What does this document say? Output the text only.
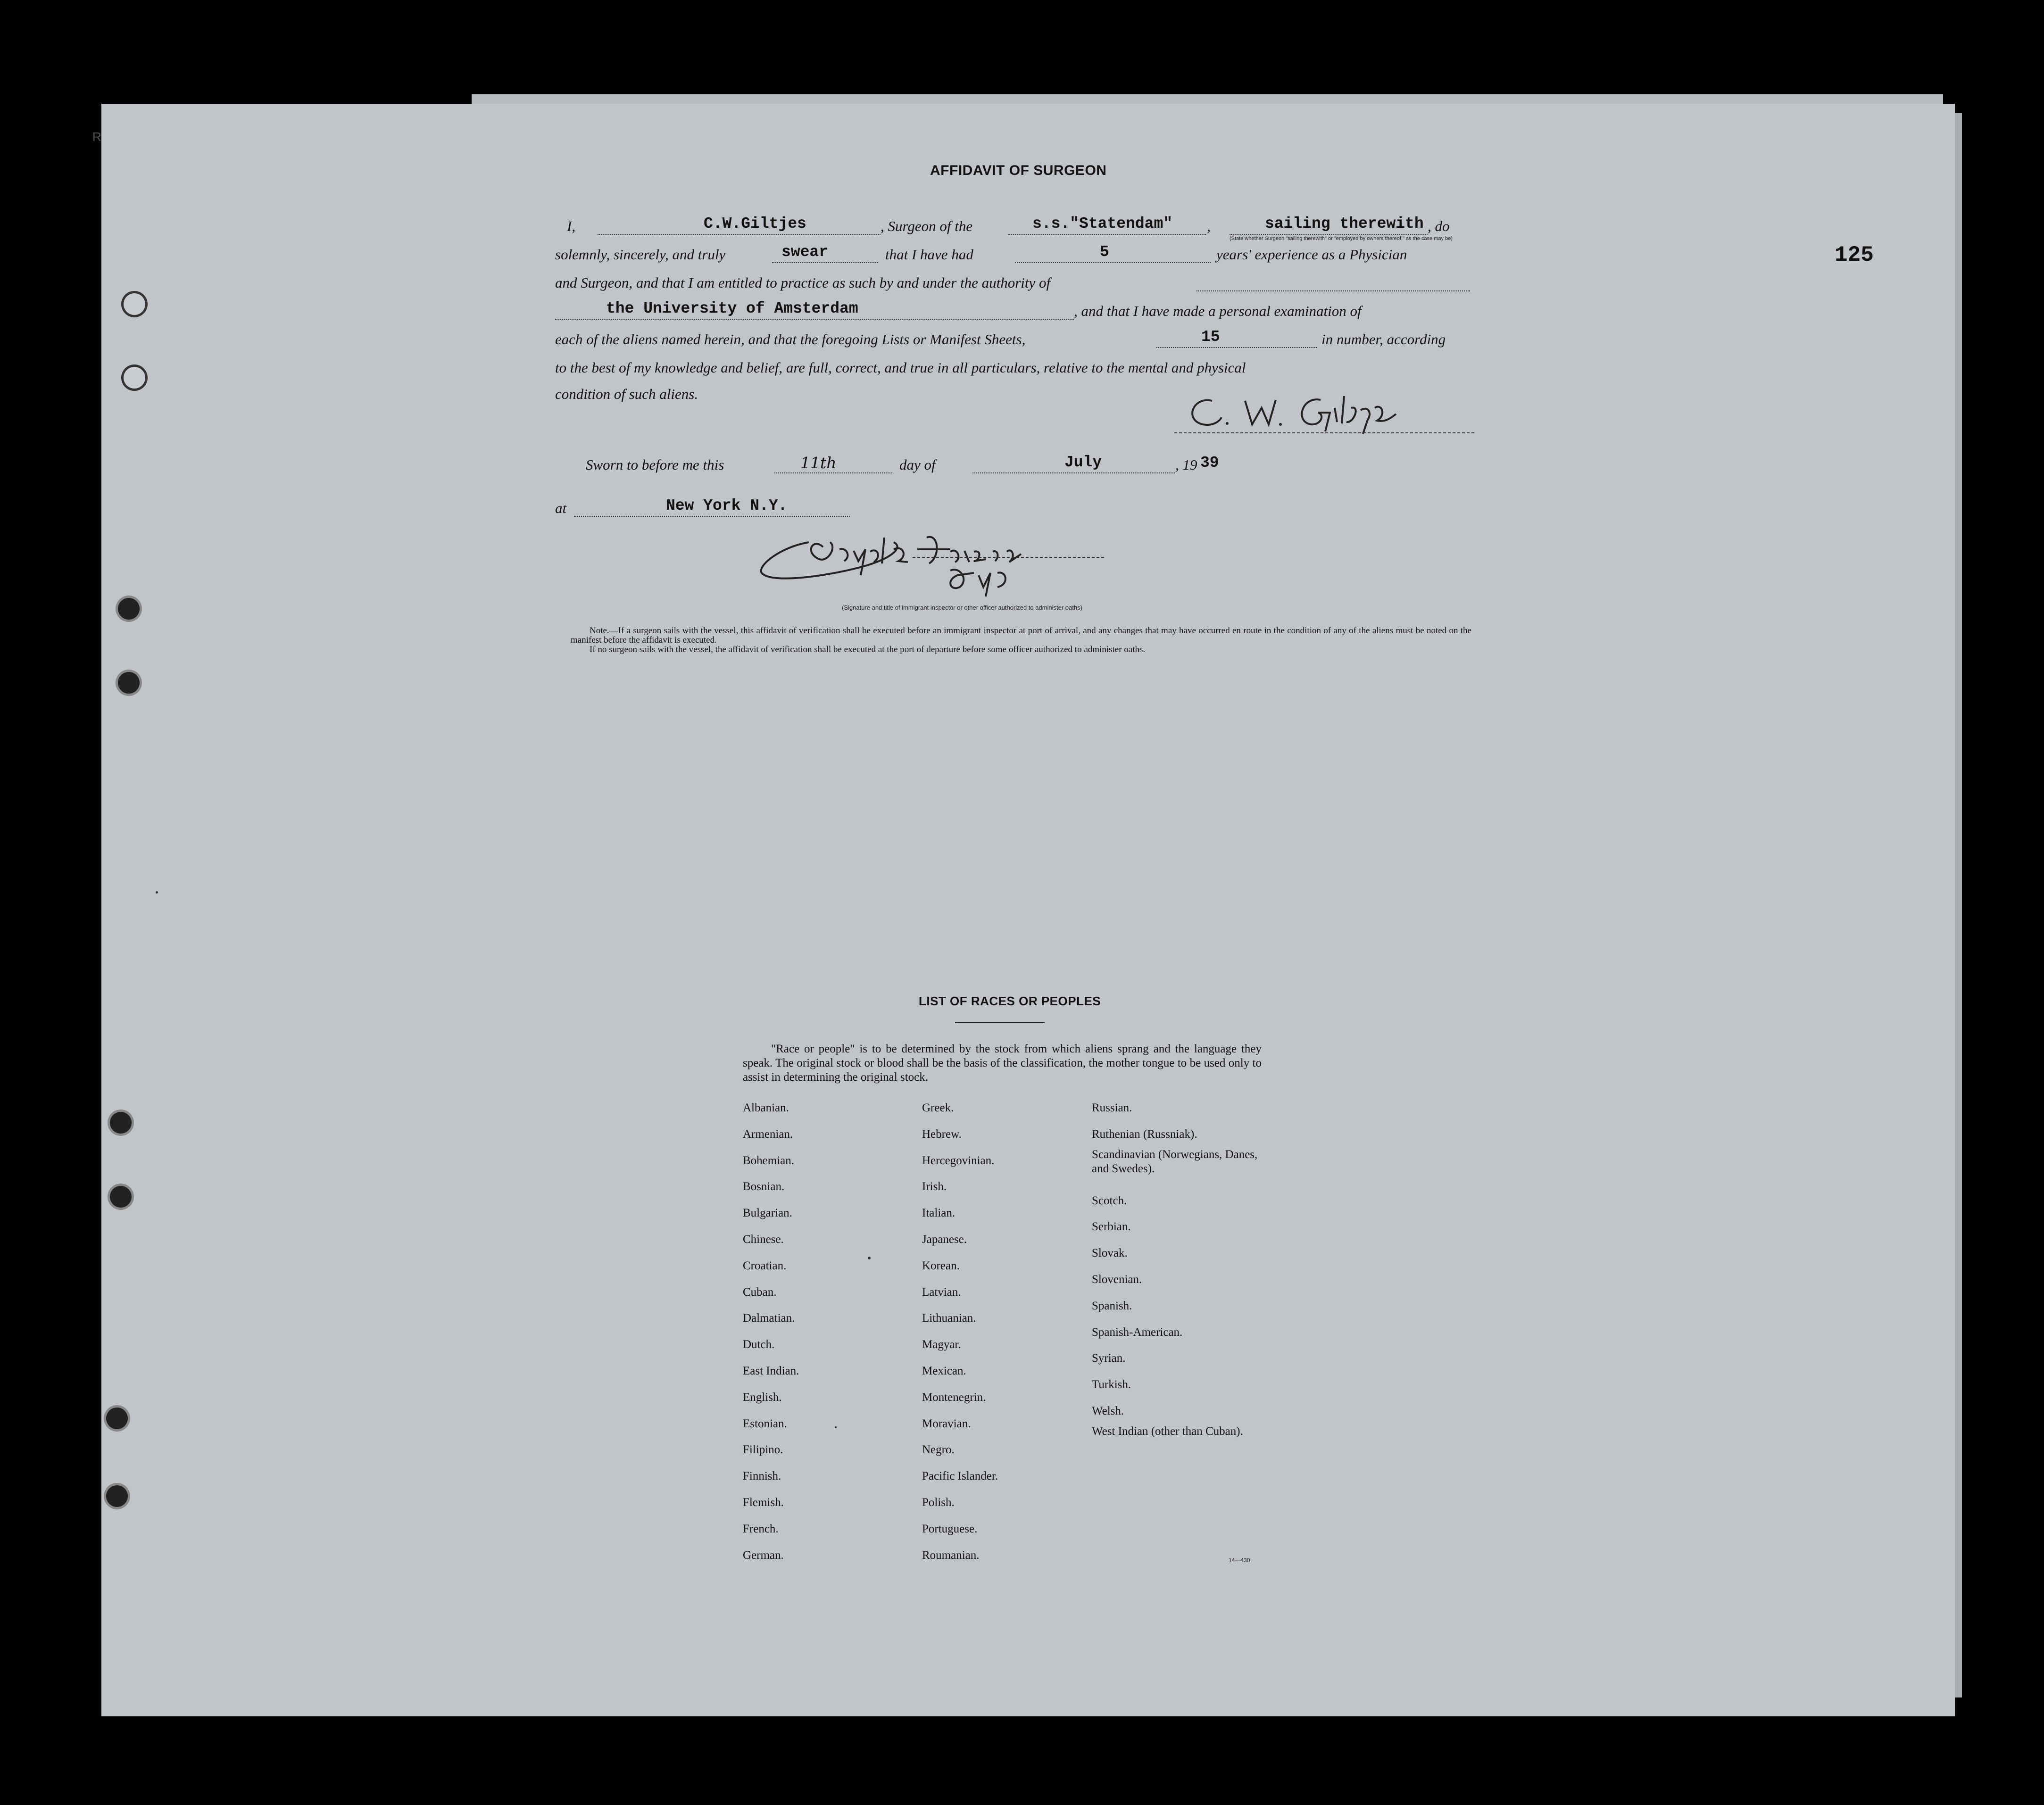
R
125
AFFIDAVIT OF SURGEON
I,	C.W.Giltjes	, Surgeon of the	s.s."Statendam"	,	sailing therewith , do
(State whether Surgeon "sailing therewith" or "employed by owners thereof," as the case may be)
solemnly, sincerely, and truly	swear	that I have had	5	years' experience as a Physician
and Surgeon, and that I am entitled to practice as such by and under the authority of
the University of Amsterdam	, and that I have made a personal examination of
each of the aliens named herein, and that the foregoing Lists or Manifest Sheets,	15	in number, according
to the best of my knowledge and belief, are full, correct, and true in all particulars, relative to the mental and physical
condition of such aliens.
Sworn to before me this	11th	day of	July	, 19 39
at	New York N.Y.
(Signature and title of immigrant inspector or other officer authorized to administer oaths)

Note.—If a surgeon sails with the vessel, this affidavit of verification shall be executed before an immigrant inspector at port of arrival, and any changes that may have occurred en route in the condition of any of the aliens must be noted on the manifest before the affidavit is executed.

If no surgeon sails with the vessel, the affidavit of verification shall be executed at the port of departure before some officer authorized to administer oaths.

LIST OF RACES OR PEOPLES
"Race or people" is to be determined by the stock from which aliens sprang and the language they speak. The original stock or blood shall be the basis of the classification, the mother tongue to be used only to assist in determining the original stock.
Albanian.
Armenian.
Bohemian.
Bosnian.
Bulgarian.
Chinese.
Croatian.
Cuban.
Dalmatian.
Dutch.
East Indian.
English.
Estonian.
Filipino.
Finnish.
Flemish.
French.
German.
Greek.
Hebrew.
Hercegovinian.
Irish.
Italian.
Japanese.
Korean.
Latvian.
Lithuanian.
Magyar.
Mexican.
Montenegrin.
Moravian.
Negro.
Pacific Islander.
Polish.
Portuguese.
Roumanian.
Russian.
Ruthenian (Russniak).
Scandinavian (Norwegians, Danes, and Swedes).
Scotch.
Serbian.
Slovak.
Slovenian.
Spanish.
Spanish-American.
Syrian.
Turkish.
Welsh.
West Indian (other than Cuban).
14—430
